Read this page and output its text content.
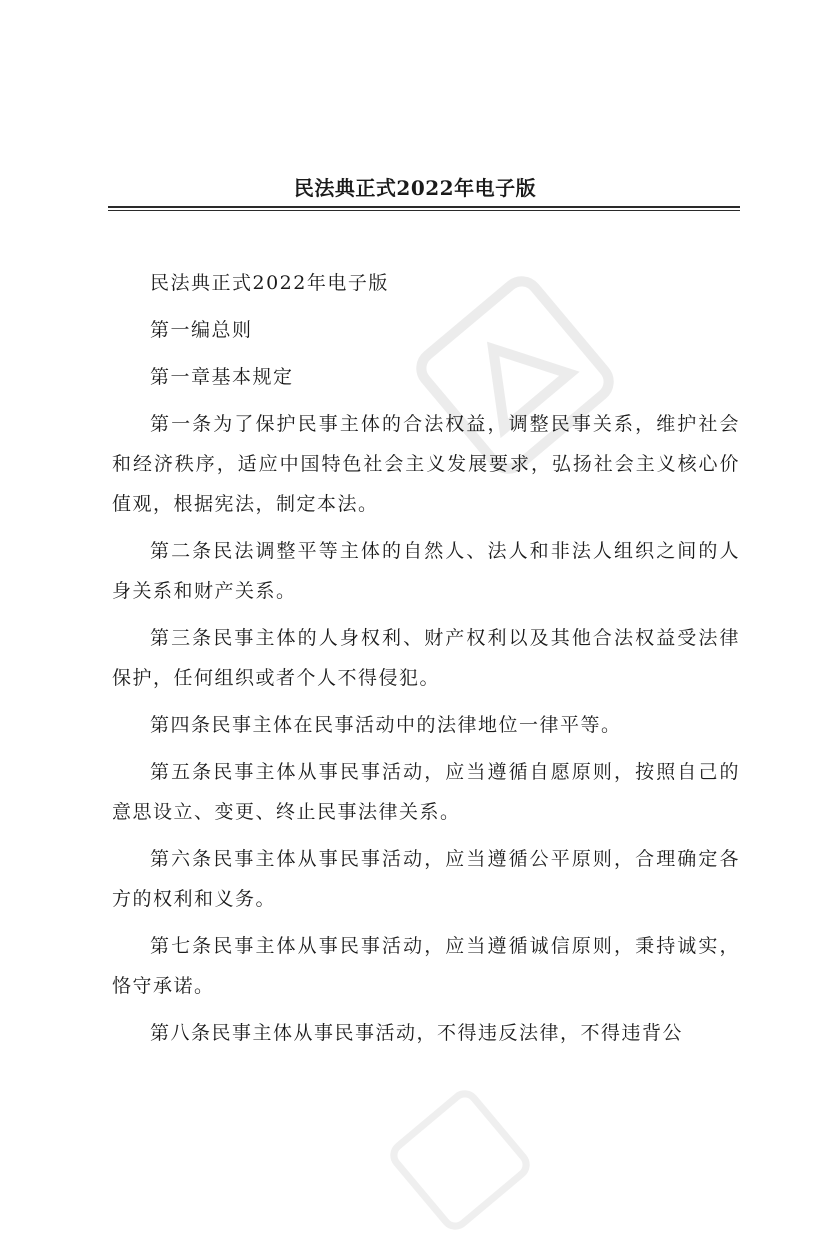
民法典正式2022年电子版

民法典正式2022年电子版

第一编总则

第一章基本规定

第一条为了保护民事主体的合法权益，调整民事关系，维护社会和经济秩序，适应中国特色社会主义发展要求，弘扬社会主义核心价值观，根据宪法，制定本法。

第二条民法调整平等主体的自然人、法人和非法人组织之间的人身关系和财产关系。

第三条民事主体的人身权利、财产权利以及其他合法权益受法律保护，任何组织或者个人不得侵犯。

第四条民事主体在民事活动中的法律地位一律平等。

第五条民事主体从事民事活动，应当遵循自愿原则，按照自己的意思设立、变更、终止民事法律关系。

第六条民事主体从事民事活动，应当遵循公平原则，合理确定各方的权利和义务。

第七条民事主体从事民事活动，应当遵循诚信原则，秉持诚实，恪守承诺。

第八条民事主体从事民事活动，不得违反法律，不得违背公
